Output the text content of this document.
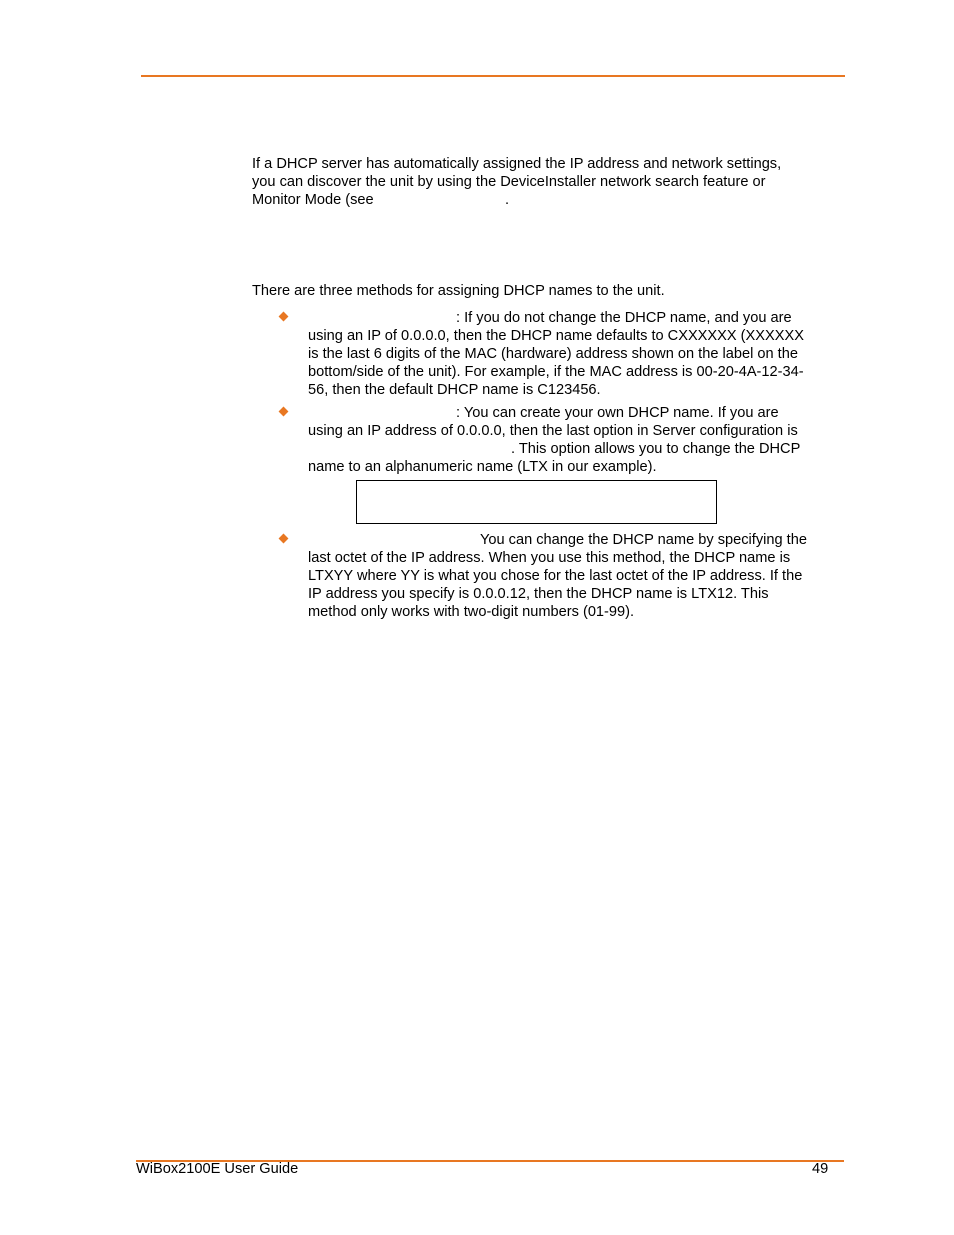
If a DHCP server has automatically assigned the IP address and network settings,
you can discover the unit by using the DeviceInstaller network search feature or
Monitor Mode (see	.

There are three methods for assigning DHCP names to the unit.

: If you do not change the DHCP name, and you are
using an IP of 0.0.0.0, then the DHCP name defaults to CXXXXXX (XXXXXX
is the last 6 digits of the MAC (hardware) address shown on the label on the
bottom/side of the unit). For example, if the MAC address is 00-20-4A-12-34-
56, then the default DHCP name is C123456.
: You can create your own DHCP name. If you are
using an IP address of 0.0.0.0, then the last option in Server configuration is
. This option allows you to change the DHCP
name to an alphanumeric name (LTX in our example).
You can change the DHCP name by specifying the
last octet of the IP address. When you use this method, the DHCP name is
LTXYY where YY is what you chose for the last octet of the IP address. If the
IP address you specify is 0.0.0.12, then the DHCP name is LTX12. This
method only works with two-digit numbers (01-99).
WiBox2100E User Guide	49
